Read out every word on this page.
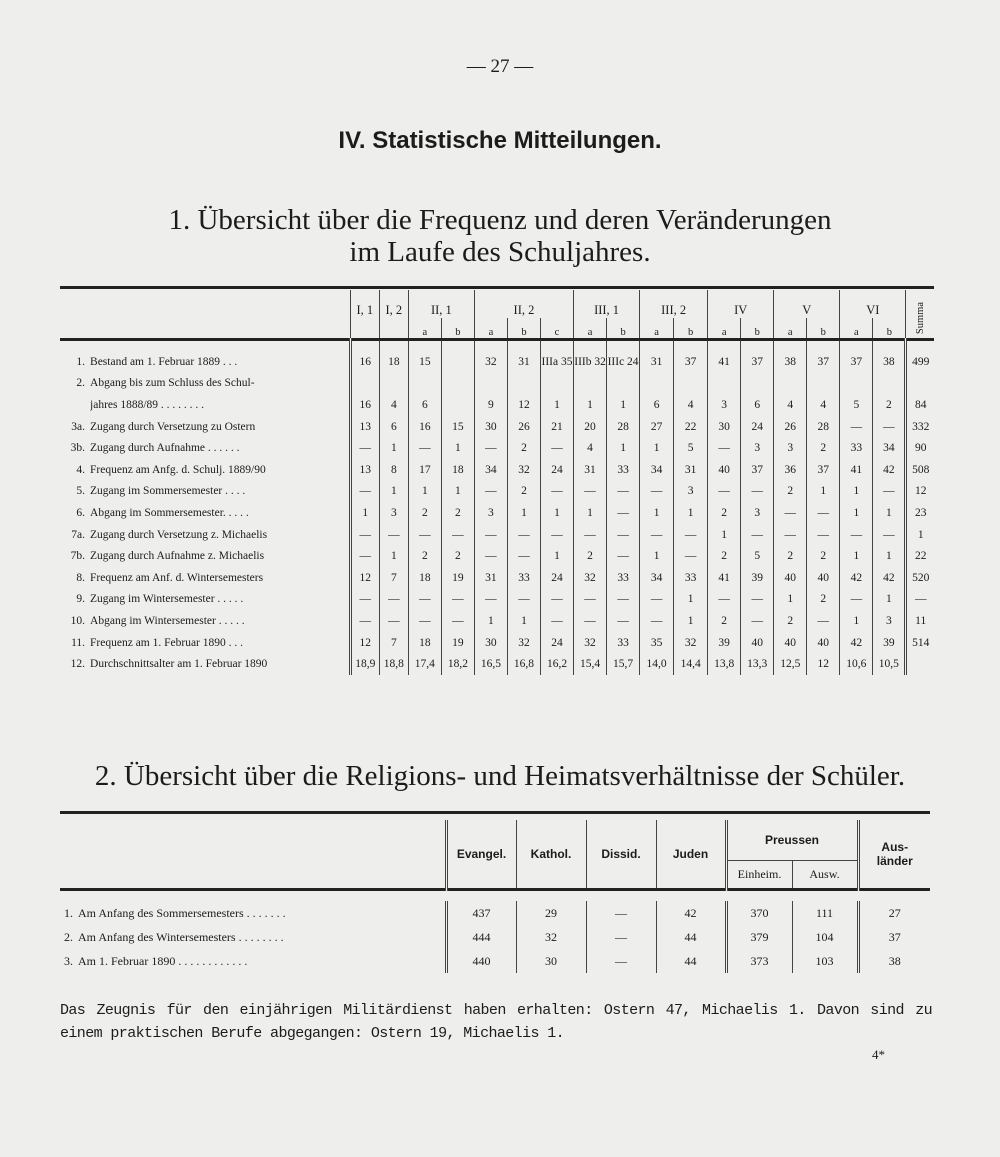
— 27 —
IV. Statistische Mitteilungen.
1. Übersicht über die Frequenz und deren Veränderungen
im Laufe des Schuljahres.
		I, 1	I, 2	II, 1		II, 2			III, 1		III, 2		IV		V		VI		Summa
				a	b	a	b	c	a	b	a	b	a	b	a	b	a	b	
1.	Bestand am 1. Februar 1889 . . .	16	18	15		32	31	IIIa 35	IIIb 32	IIIc 24	31	37	41	37	38	37	37	38	499
2.	Abgang bis zum Schluss des Schul-																		
	jahres 1888/89 . . . . . . . .	16	4	6		9	12	1	1	1	6	4	3	6	4	4	5	2	84
3a.	Zugang durch Versetzung zu Ostern	13	6	16	15	30	26	21	20	28	27	22	30	24	26	28	—	—	332
3b.	Zugang durch Aufnahme . . . . . .	—	1	—	1	—	2	—	4	1	1	5	—	3	3	2	33	34	90
4.	Frequenz am Anfg. d. Schulj. 1889/90	13	8	17	18	34	32	24	31	33	34	31	40	37	36	37	41	42	508
5.	Zugang im Sommersemester . . . .	—	1	1	1	—	2	—	—	—	—	3	—	—	2	1	1	—	12
6.	Abgang im Sommersemester. . . . .	1	3	2	2	3	1	1	1	—	1	1	2	3	—	—	1	1	23
7a.	Zugang durch Versetzung z. Michaelis	—	—	—	—	—	—	—	—	—	—	—	1	—	—	—	—	—	1
7b.	Zugang durch Aufnahme z. Michaelis	—	1	2	2	—	—	1	2	—	1	—	2	5	2	2	1	1	22
8.	Frequenz am Anf. d. Wintersemesters	12	7	18	19	31	33	24	32	33	34	33	41	39	40	40	42	42	520
9.	Zugang im Wintersemester . . . . .	—	—	—	—	—	—	—	—	—	—	1	—	—	1	2	—	1	—
10.	Abgang im Wintersemester . . . . .	—	—	—	—	1	1	—	—	—	—	1	2	—	2	—	1	3	11
11.	Frequenz am 1. Februar 1890 . . .	12	7	18	19	30	32	24	32	33	35	32	39	40	40	40	42	39	514
12.	Durchschnittsalter am 1. Februar 1890	18,9	18,8	17,4	18,2	16,5	16,8	16,2	15,4	15,7	14,0	14,4	13,8	13,3	12,5	12	10,6	10,5	
2. Übersicht über die Religions- und Heimatsverhältnisse der Schüler.
		Evangel.	Kathol.	Dissid.	Juden	Preussen		Aus-
länder
						Einheim.	Ausw.	

1.	Am Anfang des Sommersemesters . . . . . . .	437	29	—	42	370	111	27
2.	Am Anfang des Wintersemesters . . . . . . . .	444	32	—	44	379	104	37
3.	Am 1. Februar 1890 . . . . . . . . . . . .	440	30	—	44	373	103	38
Das Zeugnis für den einjährigen Militärdienst haben erhalten: Ostern 47, Michaelis 1. Davon sind zu einem praktischen Berufe abgegangen: Ostern 19, Michaelis 1.
4*
